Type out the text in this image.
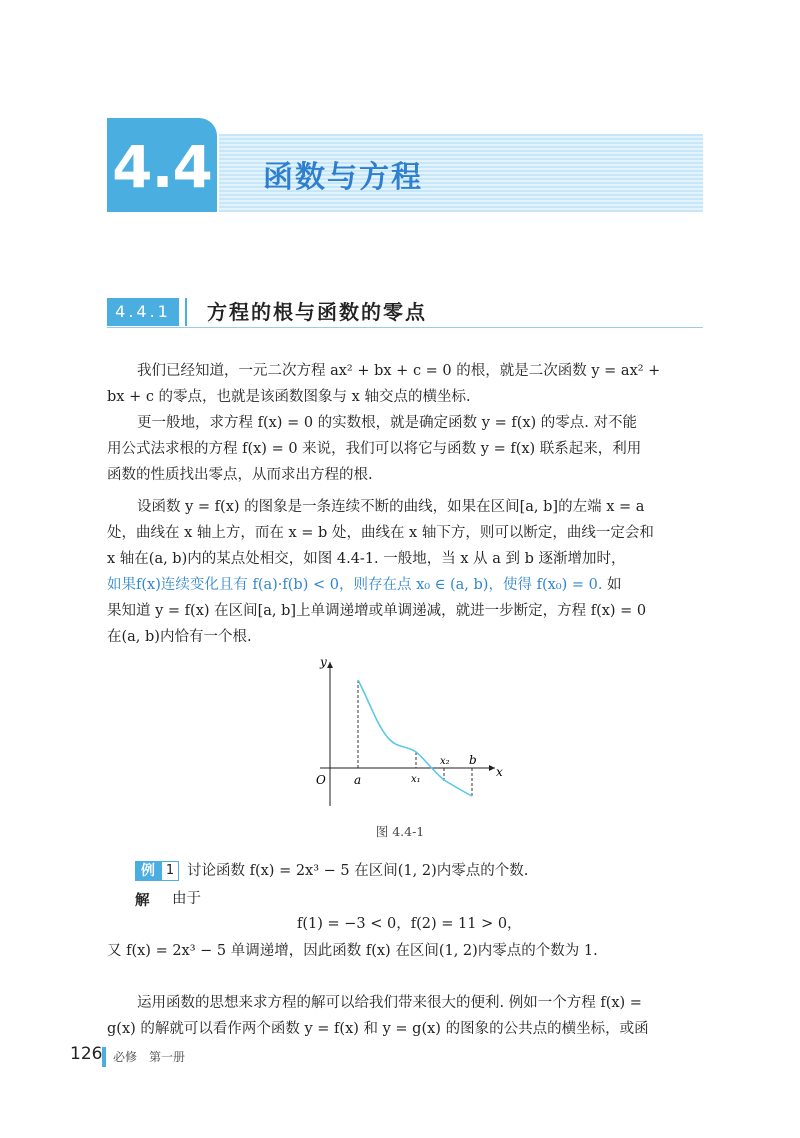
4.4 函数与方程
4.4.1	方程的根与函数的零点
我们已经知道，一元二次方程 ax² + bx + c = 0 的根，就是二次函数 y = ax² +
bx + c 的零点，也就是该函数图象与 x 轴交点的横坐标.
更一般地，求方程 f(x) = 0 的实数根，就是确定函数 y = f(x) 的零点. 对不能
用公式法求根的方程 f(x) = 0 来说，我们可以将它与函数 y = f(x) 联系起来，利用
函数的性质找出零点，从而求出方程的根.
设函数 y = f(x) 的图象是一条连续不断的曲线，如果在区间[a, b]的左端 x = a
处，曲线在 x 轴上方，而在 x = b 处，曲线在 x 轴下方，则可以断定，曲线一定会和
x 轴在(a, b)内的某点处相交，如图 4.4-1. 一般地，当 x 从 a 到 b 逐渐增加时，
如果f(x)连续变化且有 f(a)·f(b) < 0，则存在点 x₀ ∈ (a, b)，使得 f(x₀) = 0. 如
果知道 y = f(x) 在区间[a, b]上单调递增或单调递减，就进一步断定，方程 f(x) = 0
在(a, b)内恰有一个根.
y
x
O a	x₁
x₂ b
图 4.4-1
例 1 讨论函数 f(x) = 2x³ − 5 在区间(1, 2)内零点的个数.
解 由于
f(1) = −3 < 0，f(2) = 11 > 0，
又 f(x) = 2x³ − 5 单调递增，因此函数 f(x) 在区间(1, 2)内零点的个数为 1.
运用函数的思想来求方程的解可以给我们带来很大的便利. 例如一个方程 f(x) =
g(x) 的解就可以看作两个函数 y = f(x) 和 y = g(x) 的图象的公共点的横坐标，或函
126 必修　第一册
